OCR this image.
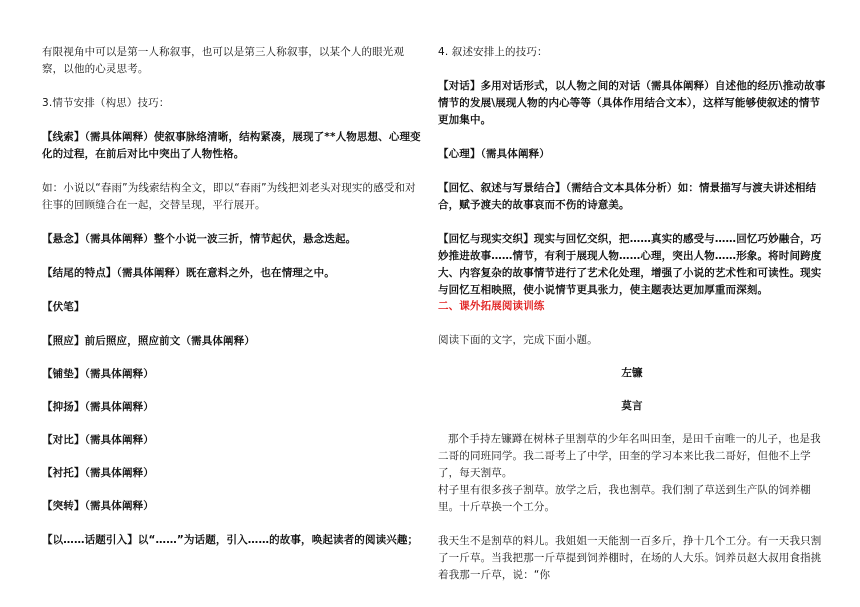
有限视角中可以是第一人称叙事，也可以是第三人称叙事，以某个人的眼光观察，以他的心灵思考。

3.情节安排（构思）技巧：

【线索】（需具体阐释）使叙事脉络清晰，结构紧凑，展现了**人物思想、心理变化的过程，在前后对比中突出了人物性格。

如：小说以“春雨”为线索结构全文，即以“春雨”为线把刘老头对现实的感受和对往事的回顾缝合在一起，交替呈现，平行展开。

【悬念】（需具体阐释）整个小说一波三折，情节起伏，悬念迭起。

【结尾的特点】（需具体阐释）既在意料之外，也在情理之中。

【伏笔】

【照应】前后照应，照应前文（需具体阐释）

【铺垫】（需具体阐释）

【抑扬】（需具体阐释）

【对比】（需具体阐释）

【衬托】（需具体阐释）

【突转】（需具体阐释）

【以……话题引入】以“……”为话题，引入……的故事，唤起读者的阅读兴趣；

4. 叙述安排上的技巧：

【对话】多用对话形式，以人物之间的对话（需具体阐释）自述他的经历\推动故事情节的发展\展现人物的内心等等（具体作用结合文本），这样写能够使叙述的情节更加集中。

【心理】（需具体阐释）

【回忆、叙述与写景结合】（需结合文本具体分析）如：情景描写与渡夫讲述相结合，赋予渡夫的故事哀而不伤的诗意美。

【回忆与现实交织】现实与回忆交织，把……真实的感受与……回忆巧妙融合，巧妙推进故事……情节，有利于展现人物……心理，突出人物……形象。将时间跨度大、内容复杂的故事情节进行了艺术化处理，增强了小说的艺术性和可读性。现实与回忆互相映照，使小说情节更具张力，使主题表达更加厚重而深刻。

二、课外拓展阅读训练

阅读下面的文字，完成下面小题。

左镰

莫言

那个手持左镰蹲在树林子里割草的少年名叫田奎，是田千亩唯一的儿子，也是我二哥的同班同学。我二哥考上了中学，田奎的学习本来比我二哥好，但他不上学了，每天割草。

村子里有很多孩子割草。放学之后，我也割草。我们割了草送到生产队的饲养棚里。十斤草换一个工分。

我天生不是割草的料儿。我姐姐一天能割一百多斤，挣十几个工分。有一天我只割了一斤草。当我把那一斤草提到饲养棚时，在场的人大乐。饲养员赵大叔用食指挑着我那一斤草，说：“你
